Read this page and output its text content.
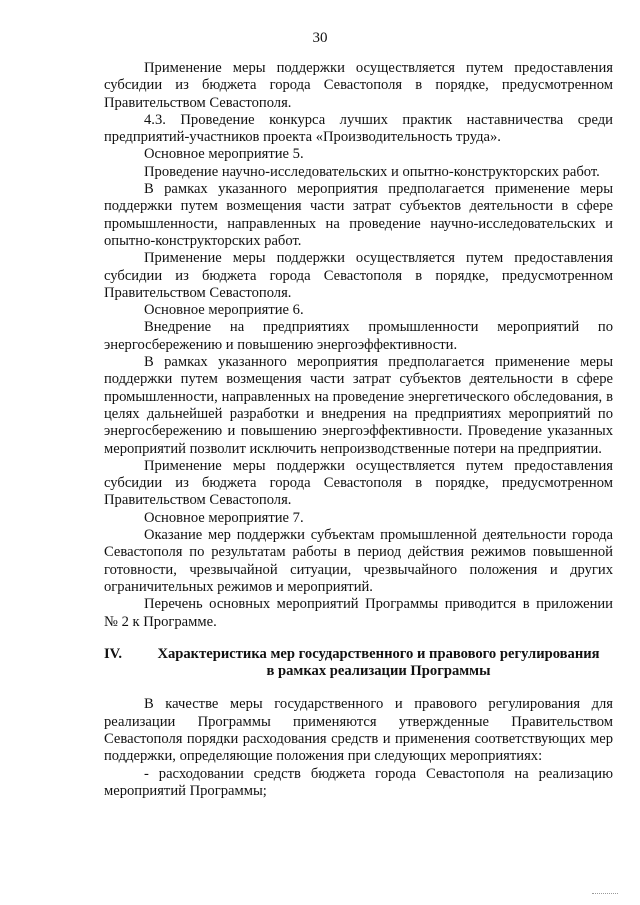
30

Применение меры поддержки осуществляется путем предоставления субсидии из бюджета города Севастополя в порядке, предусмотренном Правительством Севастополя.

4.3. Проведение конкурса лучших практик наставничества среди предприятий-участников проекта «Производительность труда».

Основное мероприятие 5.

Проведение научно-исследовательских и опытно-конструкторских работ.

В рамках указанного мероприятия предполагается применение меры поддержки путем возмещения части затрат субъектов деятельности в сфере промышленности, направленных на проведение научно-исследовательских и опытно-конструкторских работ.

Применение меры поддержки осуществляется путем предоставления субсидии из бюджета города Севастополя в порядке, предусмотренном Правительством Севастополя.

Основное мероприятие 6.

Внедрение на предприятиях промышленности мероприятий по энергосбережению и повышению энергоэффективности.

В рамках указанного мероприятия предполагается применение меры поддержки путем возмещения части затрат субъектов деятельности в сфере промышленности, направленных на проведение энергетического обследования, в целях дальнейшей разработки и внедрения на предприятиях мероприятий по энергосбережению и повышению энергоэффективности. Проведение указанных мероприятий позволит исключить непроизводственные потери на предприятии.

Применение меры поддержки осуществляется путем предоставления субсидии из бюджета города Севастополя в порядке, предусмотренном Правительством Севастополя.

Основное мероприятие 7.

Оказание мер поддержки субъектам промышленной деятельности города Севастополя по результатам работы в период действия режимов повышенной готовности, чрезвычайной ситуации, чрезвычайного положения и других ограничительных режимов и мероприятий.

Перечень основных мероприятий Программы приводится в приложении № 2 к Программе.

IV.	Характеристика мер государственного и правового регулирования
в рамках реализации Программы

В качестве меры государственного и правового регулирования для реализации Программы применяются утвержденные Правительством Севастополя порядки расходования средств и применения соответствующих мер поддержки, определяющие положения при следующих мероприятиях:

- расходовании средств бюджета города Севастополя на реализацию мероприятий Программы;
